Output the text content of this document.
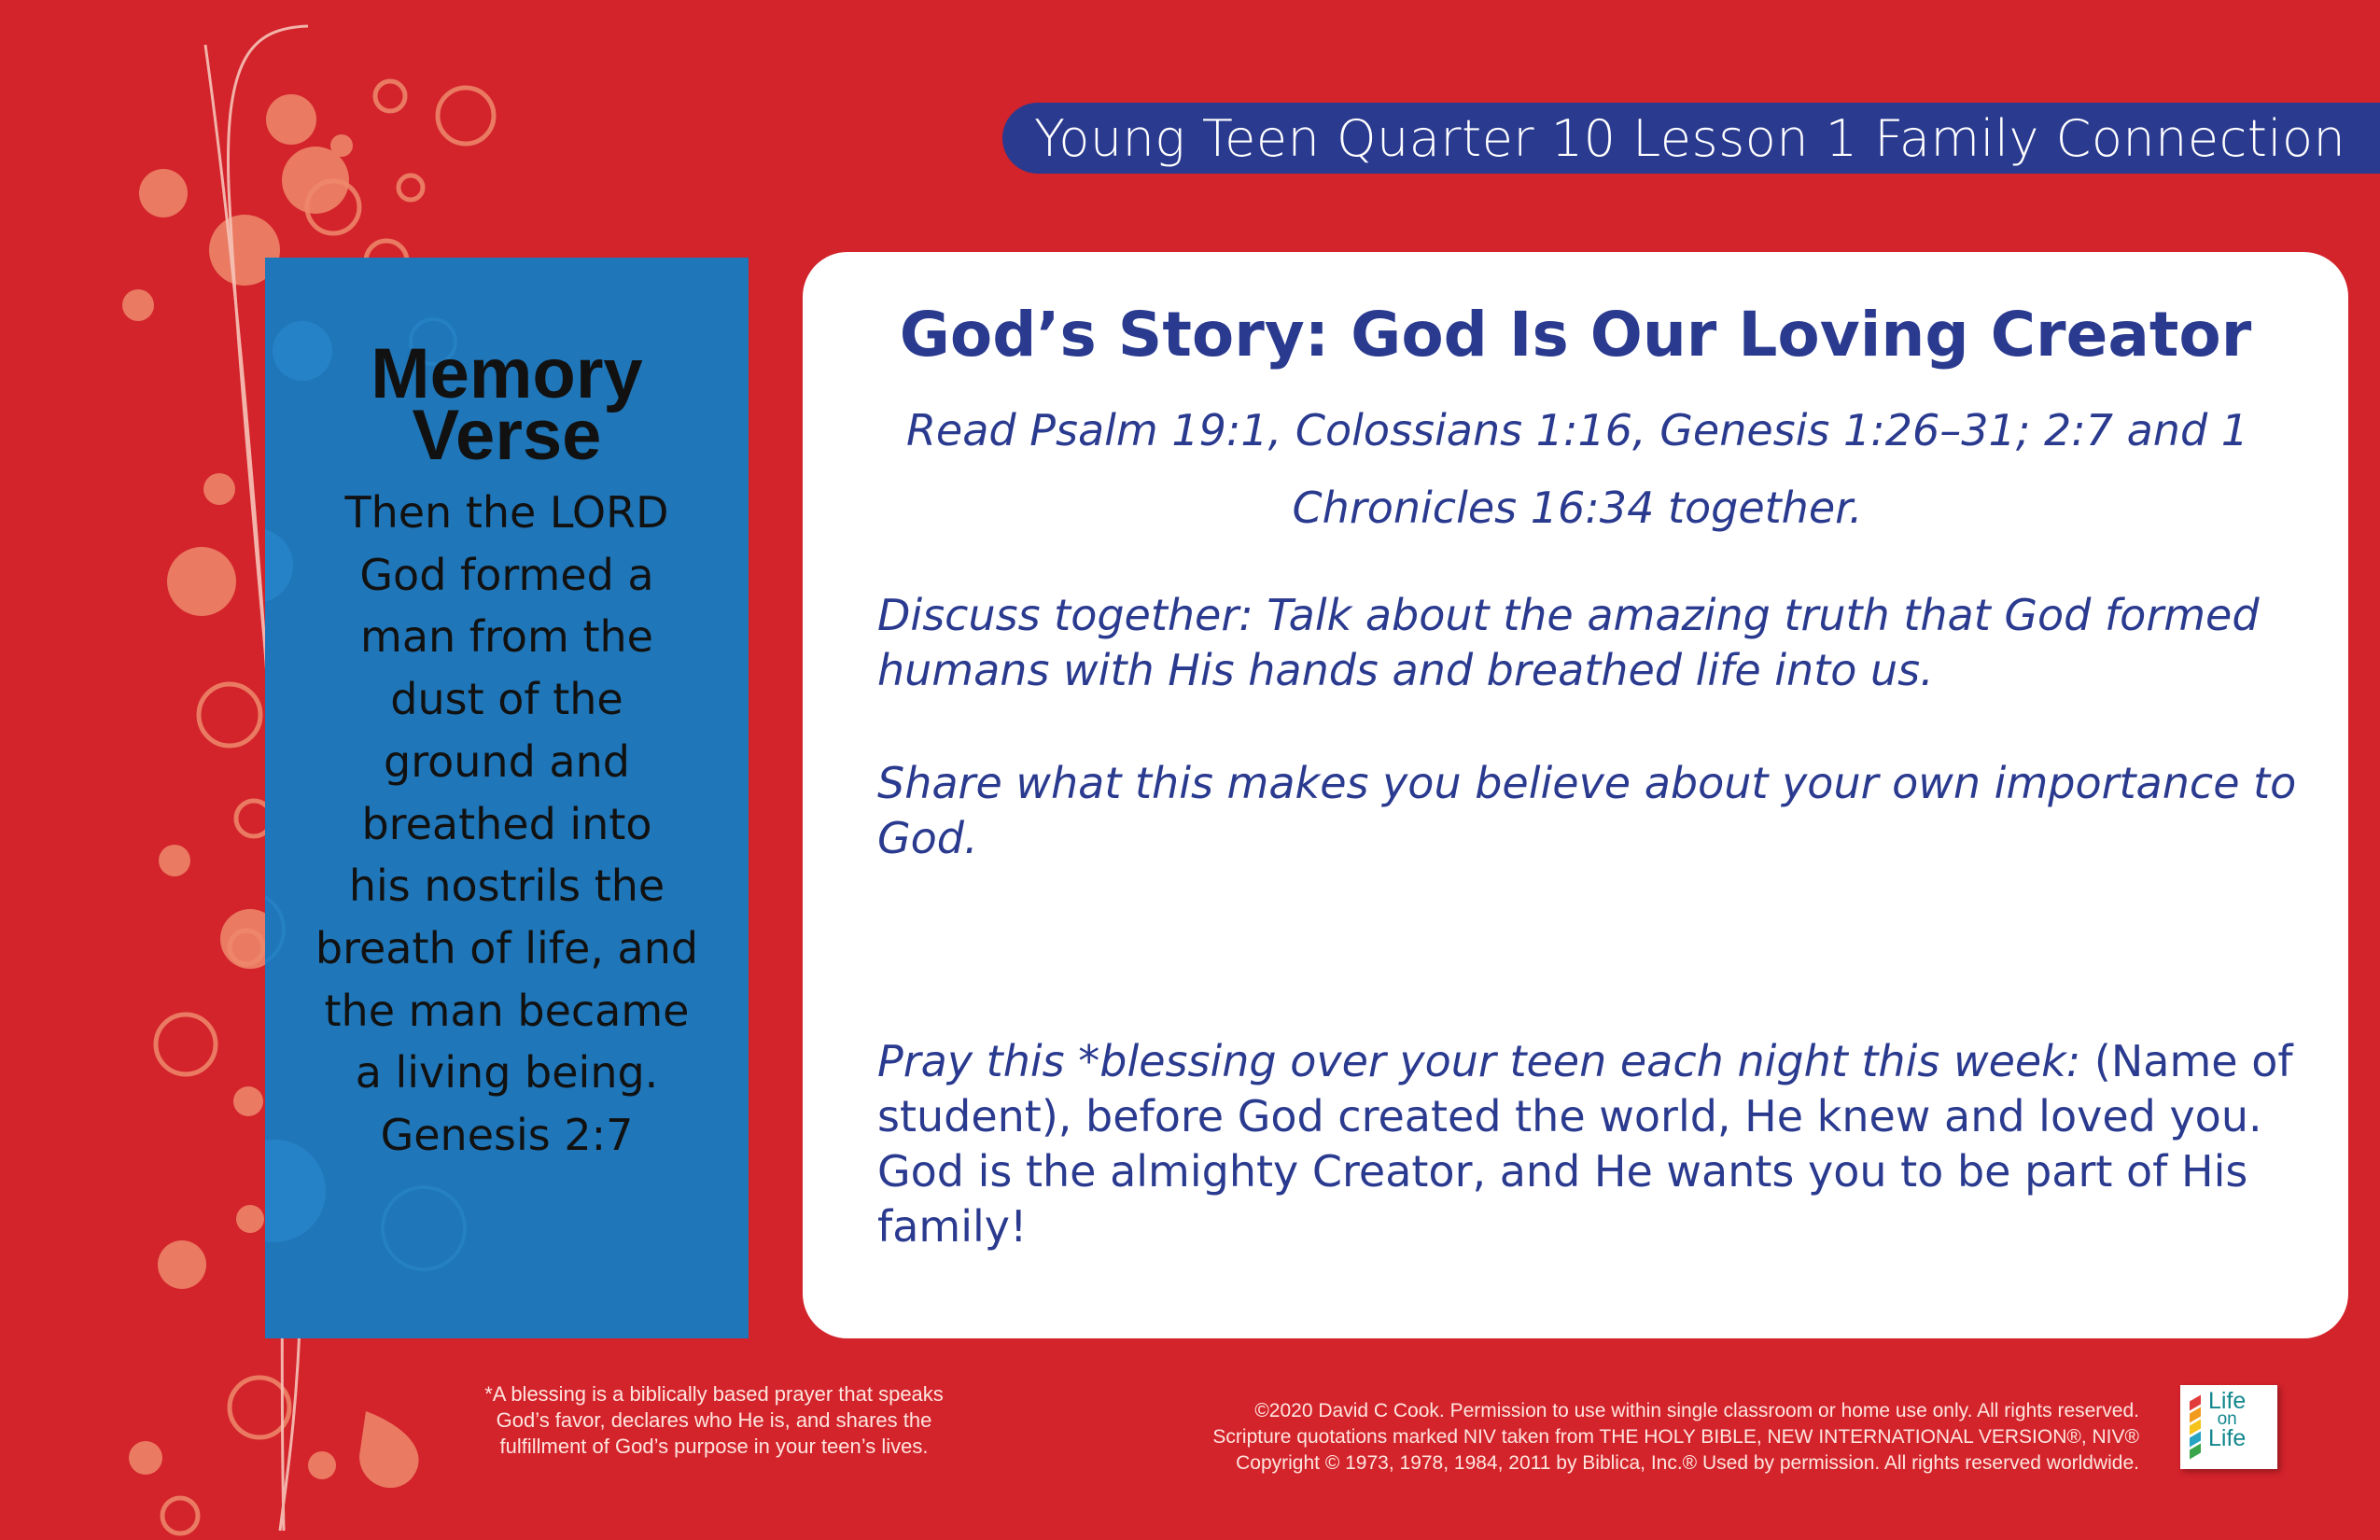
Young Teen Quarter 10 Lesson 1 Family Connection
Memory
Verse
Then the LORD
God formed a
man from the
dust of the
ground and
breathed into
his nostrils the
breath of life, and
the man became
a living being.
Genesis 2:7
God’s Story: God Is Our Loving Creator
Read Psalm 19:1, Colossians 1:16, Genesis 1:26–31; 2:7 and 1
Chronicles 16:34 together.
Discuss together: Talk about the amazing truth that God formed
humans with His hands and breathed life into us.
Share what this makes you believe about your own importance to
God.
Pray this *blessing over your teen each night this week: (Name of
student), before God created the world, He knew and loved you.
God is the almighty Creator, and He wants you to be part of His
family!
*A blessing is a biblically based prayer that speaks
God’s favor, declares who He is, and shares the
fulfillment of God’s purpose in your teen’s lives.
©2020 David C Cook. Permission to use within single classroom or home use only. All rights reserved.
Scripture quotations marked NIV taken from THE HOLY BIBLE, NEW INTERNATIONAL VERSION®, NIV®
Copyright © 1973, 1978, 1984, 2011 by Biblica, Inc.® Used by permission. All rights reserved worldwide.
Life
on
Life
